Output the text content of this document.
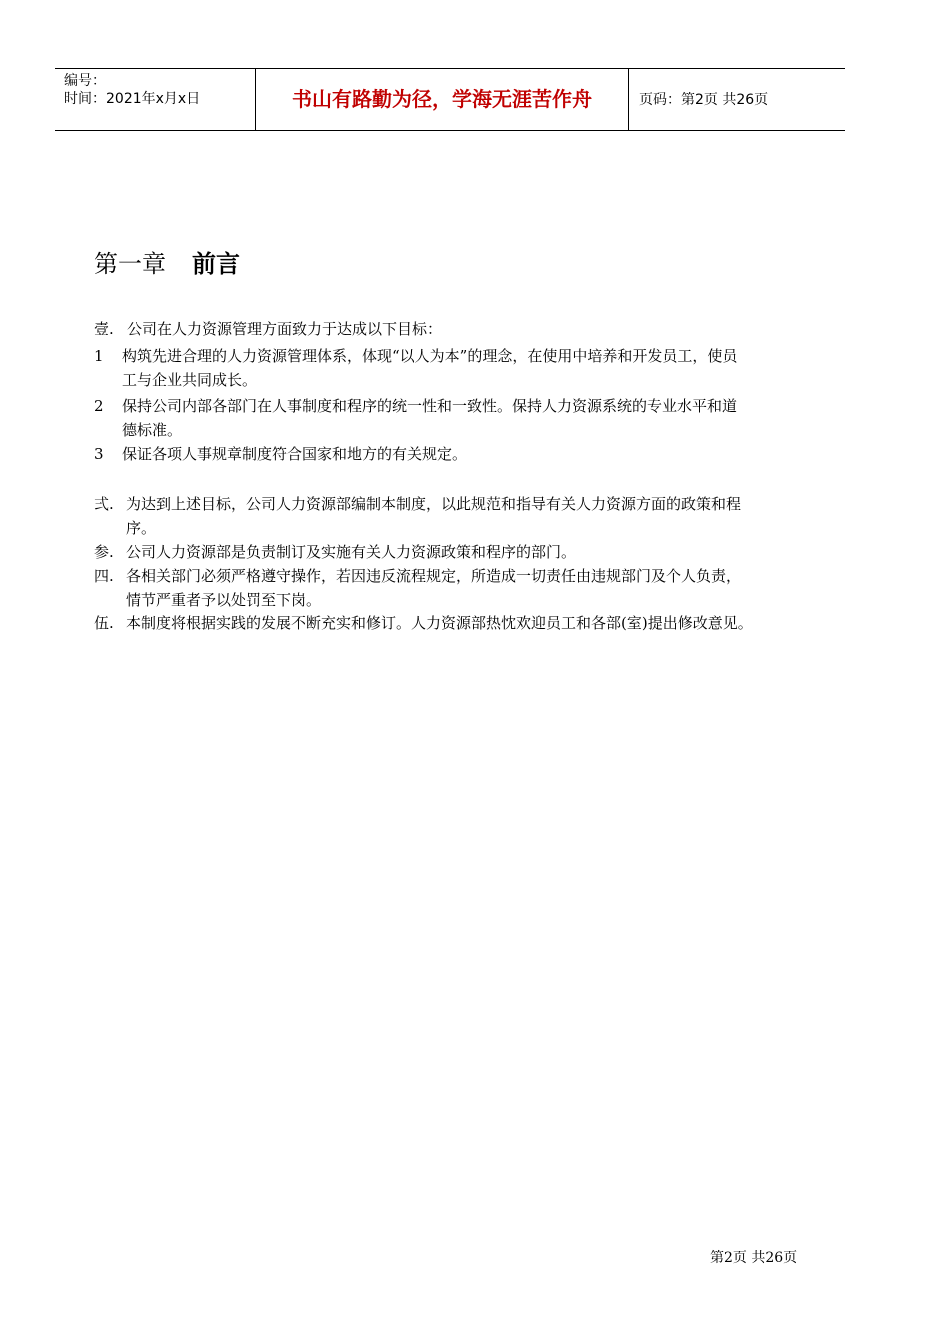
编号：
时间：2021年x月x日	书山有路勤为径，学海无涯苦作舟	页码：第2页 共26页
第一章 前言
壹. 公司在人力资源管理方面致力于达成以下目标：
1 构筑先进合理的人力资源管理体系，体现“以人为本”的理念，在使用中培养和开发员工，使员
工与企业共同成长。
2 保持公司内部各部门在人事制度和程序的统一性和一致性。保持人力资源系统的专业水平和道
德标准。
3 保证各项人事规章制度符合国家和地方的有关规定。
弍. 为达到上述目标，公司人力资源部编制本制度，以此规范和指导有关人力资源方面的政策和程
序。
参. 公司人力资源部是负责制订及实施有关人力资源政策和程序的部门。
四. 各相关部门必须严格遵守操作，若因违反流程规定，所造成一切责任由违规部门及个人负责，
情节严重者予以处罚至下岗。
伍. 本制度将根据实践的发展不断充实和修订。人力资源部热忱欢迎员工和各部(室)提出修改意见。
第2页 共26页
